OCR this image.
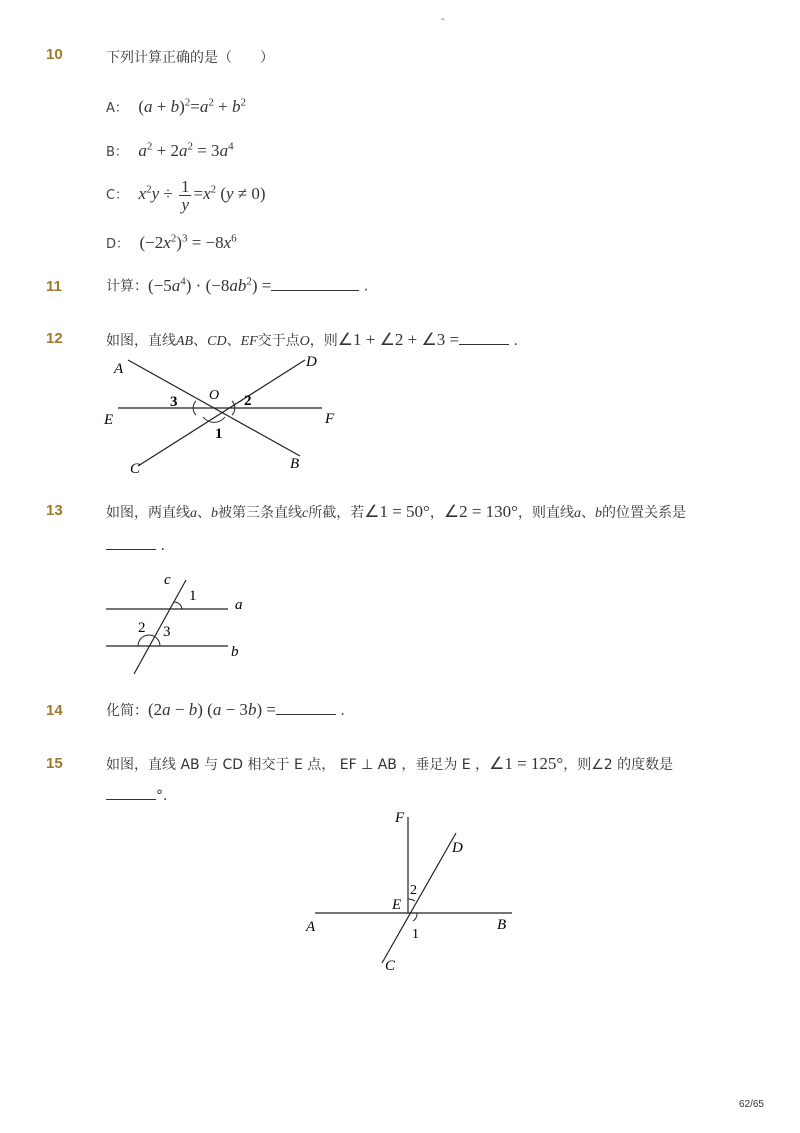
-
10	下列计算正确的是（　　）
A： $(a + b)^2=a^2 + b^2$
B： $a^2 + 2a^2 = 3a^4$
C： $x^2y \div \frac{1}{y} =x^2$ (y ≠ 0)
D： $(-2x^2)^3 = -8x^6$
11	计算：$(-5a^4) \cdot (-8ab^2)$ =	.
12	如图，直线AB、CD、EF交于点O，则∠1 + ∠2 + ∠3 =	.
A	D
E	F
C	B
O
1
2
3
13	如图，两直线a、b被第三条直线c所截，若∠1 = 50°，∠2 = 130°，则直线a、b的位置关系是
.
c
a
b
1
2 3
14	化简：(2a − b) (a − 3b) =	.
15	如图，直线 AB 与 CD 相交于 E 点， EF ⊥ AB ，垂足为 E ，∠1 = 125°，则∠2 的度数是
°.
F
D
E
A	B
C
1
2
62/65
